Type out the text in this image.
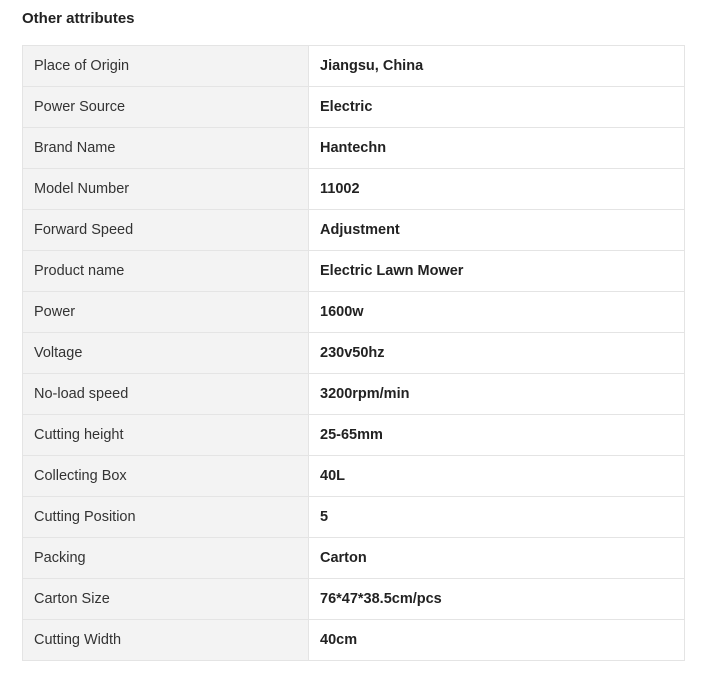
Other attributes
Place of Origin	Jiangsu, China
Power Source	Electric
Brand Name	Hantechn
Model Number	11002
Forward Speed	Adjustment
Product name	Electric Lawn Mower
Power	1600w
Voltage	230v50hz
No-load speed	3200rpm/min
Cutting height	25-65mm
Collecting Box	40L
Cutting Position	5
Packing	Carton
Carton Size	76*47*38.5cm/pcs
Cutting Width	40cm
